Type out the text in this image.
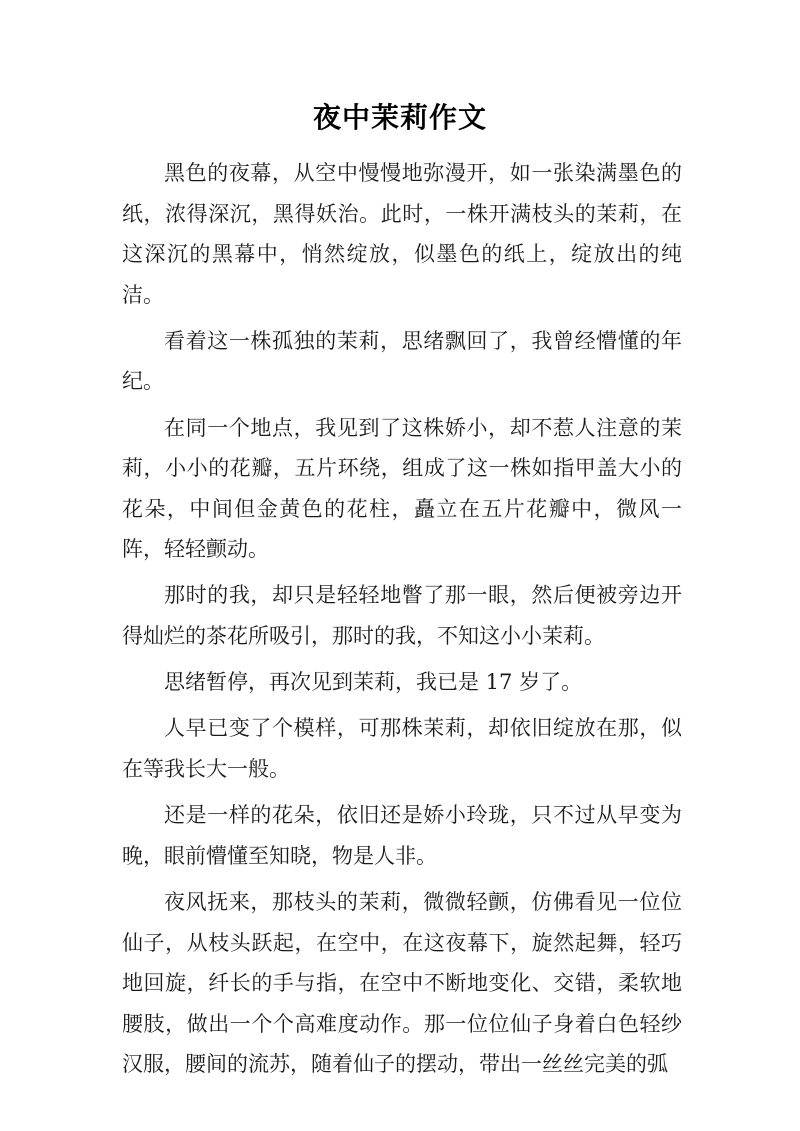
夜中茉莉作文

黑色的夜幕，从空中慢慢地弥漫开，如一张染满墨色的纸，浓得深沉，黑得妖治。此时，一株开满枝头的茉莉，在这深沉的黑幕中，悄然绽放，似墨色的纸上，绽放出的纯洁。

看着这一株孤独的茉莉，思绪飘回了，我曾经懵懂的年纪。

在同一个地点，我见到了这株娇小，却不惹人注意的茉莉，小小的花瓣，五片环绕，组成了这一株如指甲盖大小的花朵，中间但金黄色的花柱，矗立在五片花瓣中，微风一阵，轻轻颤动。

那时的我，却只是轻轻地瞥了那一眼，然后便被旁边开得灿烂的茶花所吸引，那时的我，不知这小小茉莉。

思绪暂停，再次见到茉莉，我已是 17 岁了。

人早已变了个模样，可那株茉莉，却依旧绽放在那，似在等我长大一般。

还是一样的花朵，依旧还是娇小玲珑，只不过从早变为晚，眼前懵懂至知晓，物是人非。

夜风抚来，那枝头的茉莉，微微轻颤，仿佛看见一位位仙子，从枝头跃起，在空中，在这夜幕下，旋然起舞，轻巧地回旋，纤长的手与指，在空中不断地变化、交错，柔软地腰肢，做出一个个高难度动作。那一位位仙子身着白色轻纱汉服，腰间的流苏，随着仙子的摆动，带出一丝丝完美的弧
